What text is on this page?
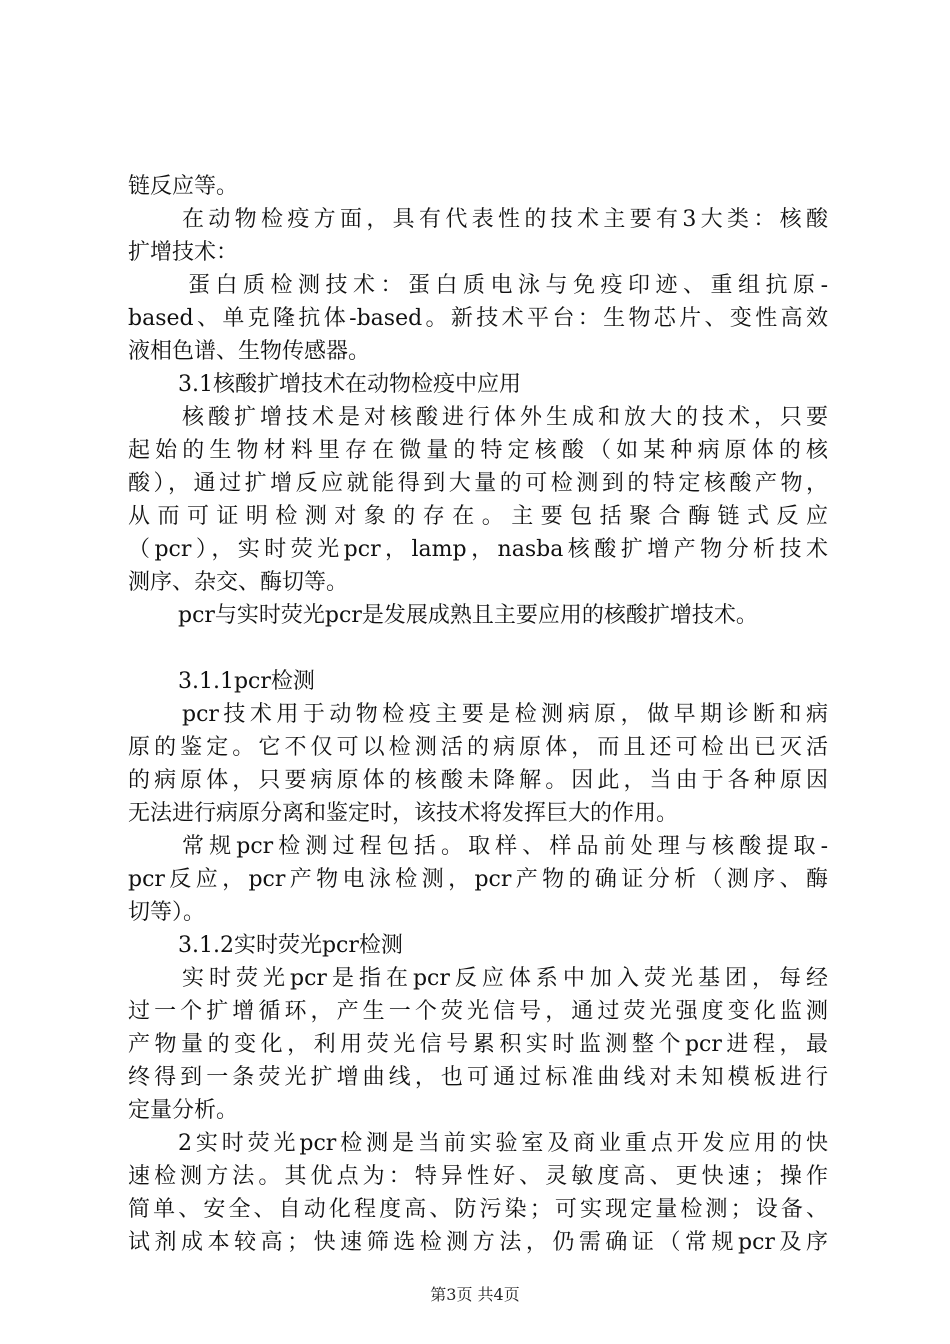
链反应等。
在动物检疫方面，具有代表性的技术主要有3大类：核酸
扩增技术：
蛋白质检测技术：蛋白质电泳与免疫印迹、重组抗原-
based、单克隆抗体-based。新技术平台：生物芯片、变性高效
液相色谱、生物传感器。
3.1核酸扩增技术在动物检疫中应用
核酸扩增技术是对核酸进行体外生成和放大的技术，只要
起始的生物材料里存在微量的特定核酸（如某种病原体的核
酸），通过扩增反应就能得到大量的可检测到的特定核酸产物，
从而可证明检测对象的存在。主要包括聚合酶链式反应
（pcr），实时荧光pcr，lamp，nasba核酸扩增产物分析技术
测序、杂交、酶切等。
pcr与实时荧光pcr是发展成熟且主要应用的核酸扩增技术。
3.1.1pcr检测
pcr技术用于动物检疫主要是检测病原，做早期诊断和病
原的鉴定。它不仅可以检测活的病原体，而且还可检出已灭活
的病原体，只要病原体的核酸未降解。因此，当由于各种原因
无法进行病原分离和鉴定时，该技术将发挥巨大的作用。
常规pcr检测过程包括。取样、样品前处理与核酸提取-
pcr反应，pcr产物电泳检测，pcr产物的确证分析（测序、酶
切等）。
3.1.2实时荧光pcr检测
实时荧光pcr是指在pcr反应体系中加入荧光基团，每经
过一个扩增循环，产生一个荧光信号，通过荧光强度变化监测
产物量的变化，利用荧光信号累积实时监测整个pcr进程，最
终得到一条荧光扩增曲线，也可通过标准曲线对未知模板进行
定量分析。
2实时荧光pcr检测是当前实验室及商业重点开发应用的快
速检测方法。其优点为：特异性好、灵敏度高、更快速；操作
简单、安全、自动化程度高、防污染；可实现定量检测；设备、
试剂成本较高；快速筛选检测方法，仍需确证（常规pcr及序
第3页 共4页
